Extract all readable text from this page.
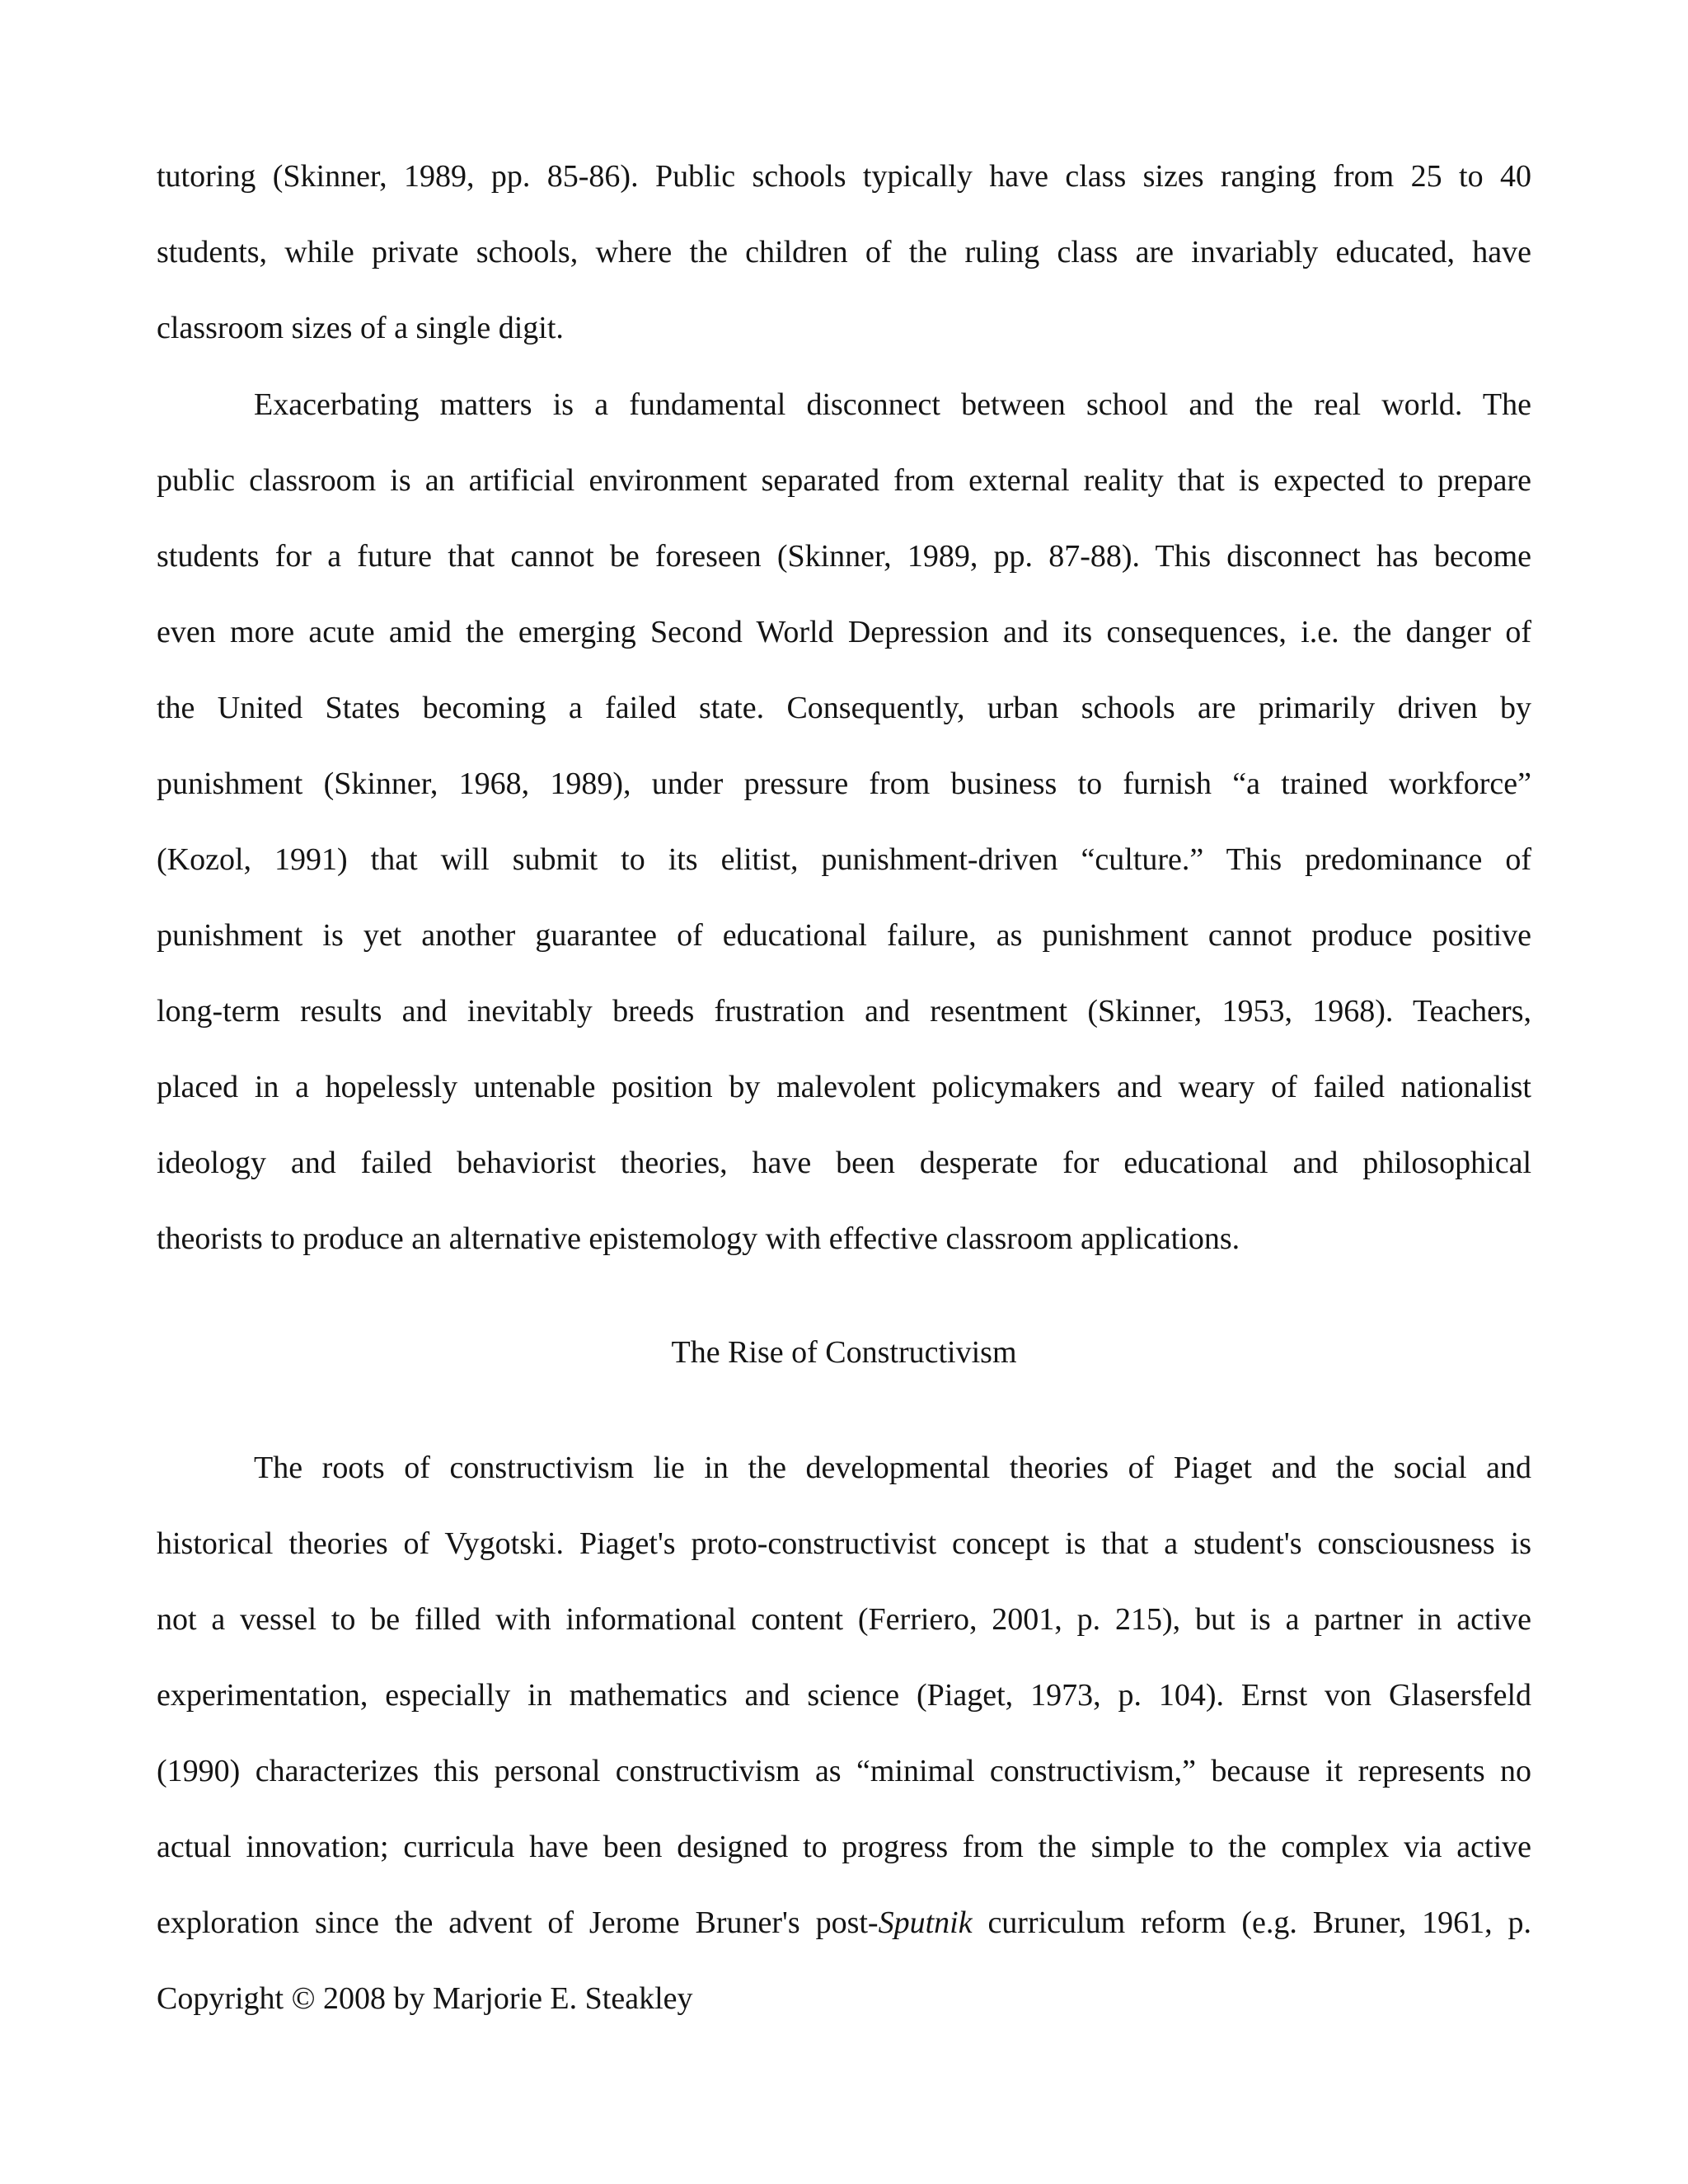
tutoring (Skinner, 1989, pp. 85-86). Public schools typically have class sizes ranging from 25 to 40

students, while private schools, where the children of the ruling class are invariably educated, have

classroom sizes of a single digit.

Exacerbating matters is a fundamental disconnect between school and the real world. The

public classroom is an artificial environment separated from external reality that is expected to prepare

students for a future that cannot be foreseen (Skinner, 1989, pp. 87-88). This disconnect has become

even more acute amid the emerging Second World Depression and its consequences, i.e. the danger of

the United States becoming a failed state. Consequently, urban schools are primarily driven by

punishment (Skinner, 1968, 1989), under pressure from business to furnish “a trained workforce”

(Kozol, 1991) that will submit to its elitist, punishment-driven “culture.” This predominance of

punishment is yet another guarantee of educational failure, as punishment cannot produce positive

long-term results and inevitably breeds frustration and resentment (Skinner, 1953, 1968). Teachers,

placed in a hopelessly untenable position by malevolent policymakers and weary of failed nationalist

ideology and failed behaviorist theories, have been desperate for educational and philosophical

theorists to produce an alternative epistemology with effective classroom applications.

The Rise of Constructivism

The roots of constructivism lie in the developmental theories of Piaget and the social and

historical theories of Vygotski. Piaget's proto-constructivist concept is that a student's consciousness is

not a vessel to be filled with informational content (Ferriero, 2001, p. 215), but is a partner in active

experimentation, especially in mathematics and science (Piaget, 1973, p. 104). Ernst von Glasersfeld

(1990) characterizes this personal constructivism as “minimal constructivism,” because it represents no

actual innovation; curricula have been designed to progress from the simple to the complex via active

exploration since the advent of Jerome Bruner's post-Sputnik curriculum reform (e.g. Bruner, 1961, p.

Copyright © 2008 by Marjorie E. Steakley
